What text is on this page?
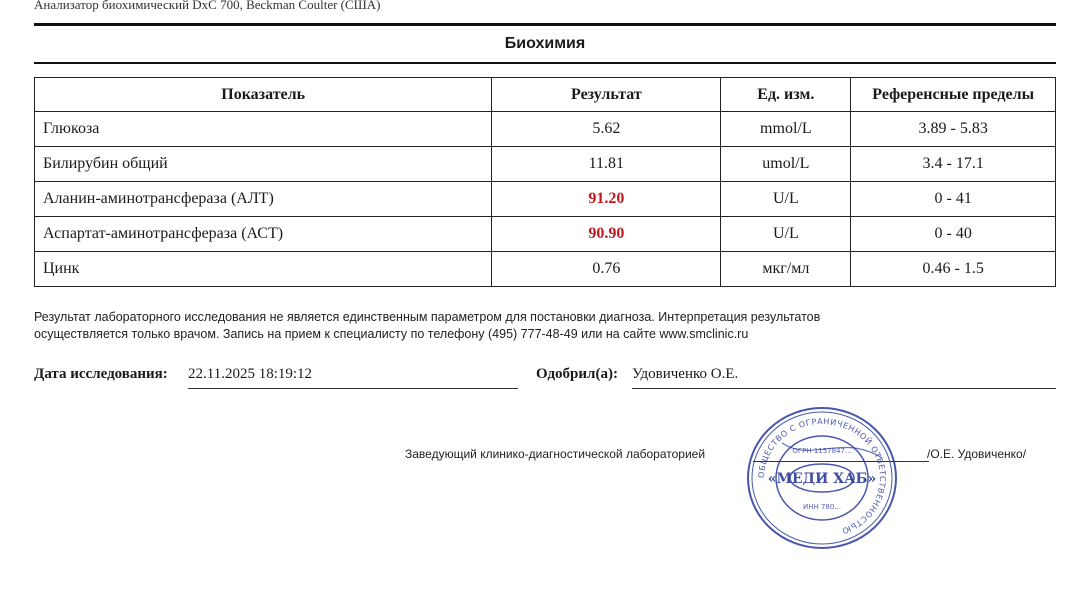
Анализатор биохимический DxC 700, Beckman Coulter (США)
Биохимия
Показатель	Результат	Ед. изм.	Референсные пределы
Глюкоза	5.62	mmol/L	3.89 - 5.83
Билирубин общий	11.81	umol/L	3.4 - 17.1
Аланин-аминотрансфераза (АЛТ)	91.20	U/L	0 - 41
Аспартат-аминотрансфераза (АСТ)	90.90	U/L	0 - 40
Цинк	0.76	мкг/мл	0.46 - 1.5
Результат лабораторного исследования не является единственным параметром для постановки диагноза. Интерпретация результатов
осуществляется только врачом. Запись на прием к специалисту по телефону (495) 777-48-49 или на сайте www.smclinic.ru
Дата исследования: 22.11.2025 18:19:12	Одобрил(а): Удовиченко О.Е.
Заведующий клинико-диагностической лабораторией	/О.Е. Удовиченко/
ОБЩЕСТВО С ОГРАНИЧЕННОЙ ОТВЕТСТВЕННОСТЬЮ
«МЕДИ ХАБ»
ОГРН 1157847...
ИНН 780...
